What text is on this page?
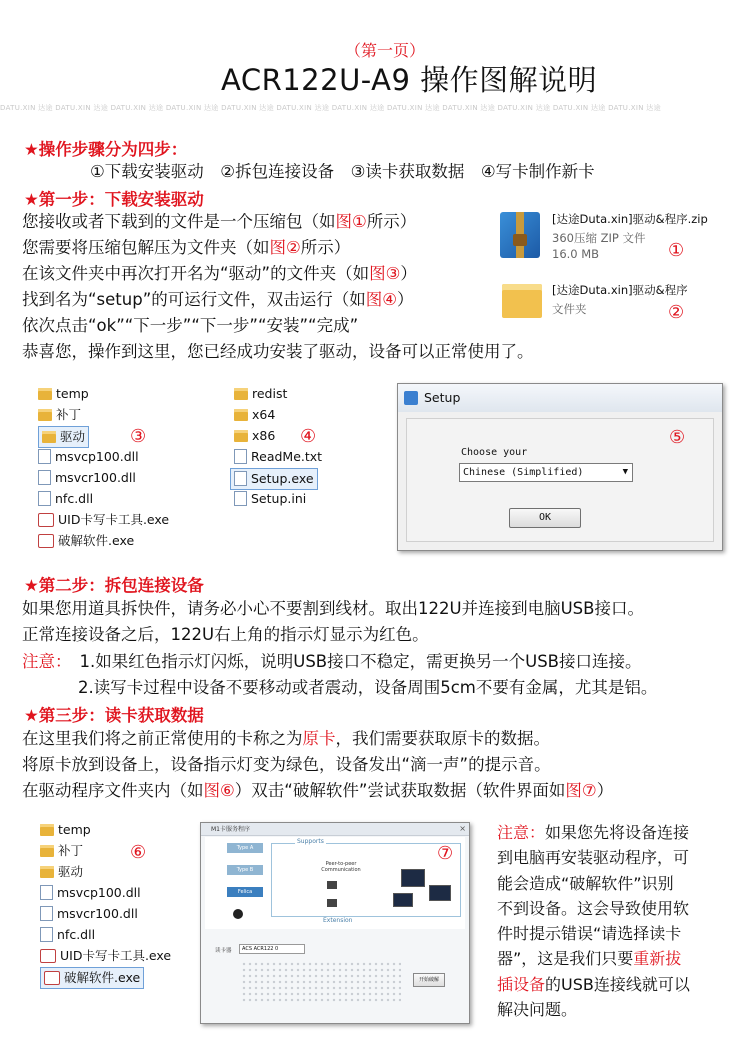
（第一页）
ACR122U-A9 操作图解说明
DATU.XIN 达途 DATU.XIN 达途 DATU.XIN 达途 DATU.XIN 达途 DATU.XIN 达途 DATU.XIN 达途 DATU.XIN 达途 DATU.XIN 达途 DATU.XIN 达途 DATU.XIN 达途 DATU.XIN 达途 DATU.XIN 达途
★操作步骤分为四步：
①下载安装驱动　②拆包连接设备　③读卡获取数据　④写卡制作新卡
★第一步：下载安装驱动
您接收或者下载到的文件是一个压缩包（如图①所示）
您需要将压缩包解压为文件夹（如图②所示）
在该文件夹中再次打开名为“驱动”的文件夹（如图③）
找到名为“setup”的可运行文件，双击运行（如图④）
依次点击“ok”“下一步”“下一步”“安装”“完成”
恭喜您，操作到这里，您已经成功安装了驱动，设备可以正常使用了。
[达途Duta.xin]驱动&程序.zip
360压缩 ZIP 文件
16.0 MB	①
[达途Duta.xin]驱动&程序
文件夹	②
temp
补丁
驱动
msvcp100.dll
msvcr100.dll
nfc.dll
UID卡写卡工具.exe
破解软件.exe
③
redist
x64
x86
ReadMe.txt
Setup.exe
Setup.ini
④
Setup
⑤
Choose your
Chinese (Simplified)	▼
OK
★第二步：拆包连接设备
如果您用道具拆快件，请务必小心不要割到线材。取出122U并连接到电脑USB接口。
正常连接设备之后，122U右上角的指示灯显示为红色。
注意： 1.如果红色指示灯闪烁，说明USB接口不稳定，需更换另一个USB接口连接。
2.读写卡过程中设备不要移动或者震动，设备周围5cm不要有金属，尤其是铝。
★第三步：读卡获取数据
在这里我们将之前正常使用的卡称之为原卡，我们需要获取原卡的数据。
将原卡放到设备上，设备指示灯变为绿色，设备发出“滴一声”的提示音。
在驱动程序文件夹内（如图⑥）双击“破解软件”尝试获取数据（软件界面如图⑦）
temp
补丁
驱动
msvcp100.dll
msvcr100.dll
nfc.dll
UID卡写卡工具.exe
破解软件.exe
⑥
M1卡服务程序	×
Supports
Type A
Type B
Felica
Peer-to-peer Communication
Extension
⑦
读卡器	ACS ACR122 0
开始破解
注意：如果您先将设备连接
到电脑再安装驱动程序，可
能会造成“破解软件”识别
不到设备。这会导致使用软
件时提示错误“请选择读卡
器”，这是我们只要重新拔
插设备的USB连接线就可以
解决问题。
